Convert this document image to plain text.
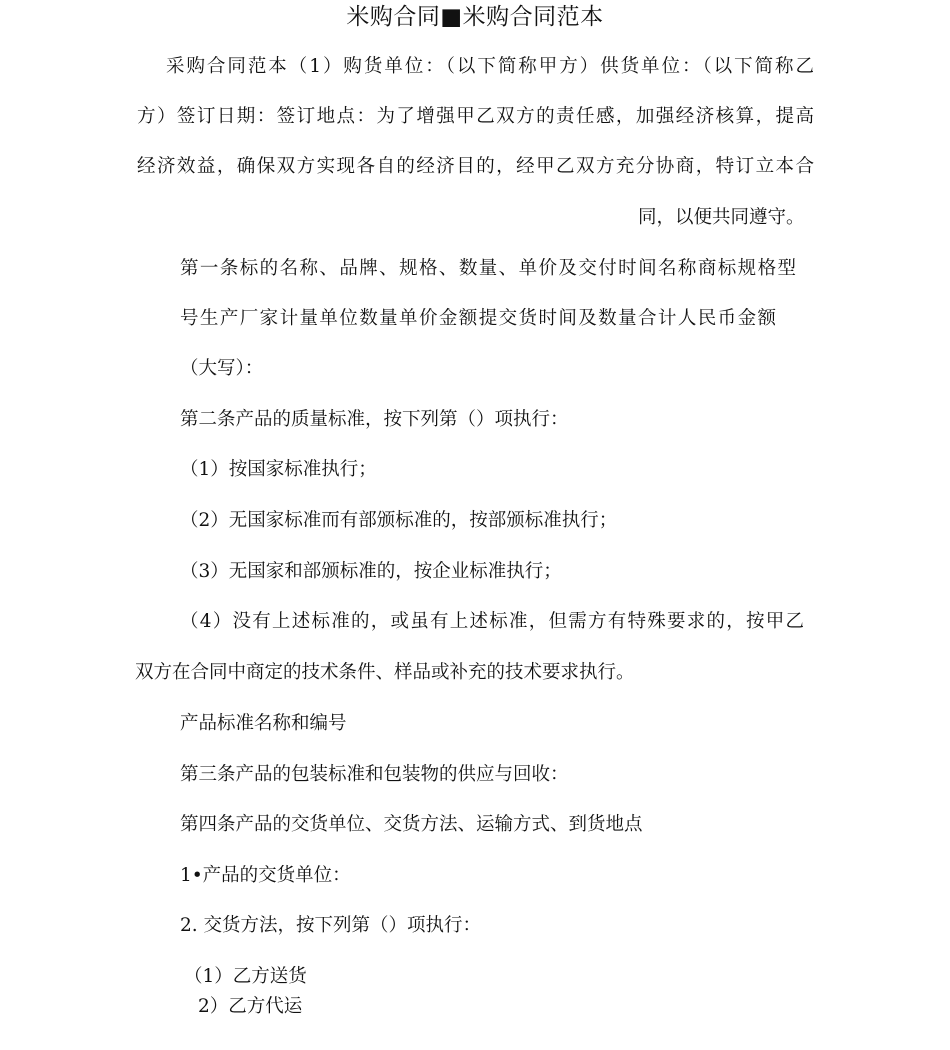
米购合同■米购合同范本
采购合同范本（1）购货单位：（以下简称甲方）供货单位：（以下简称乙
方）签订日期：签订地点：为了增强甲乙双方的责任感，加强经济核算，提高
经济效益，确保双方实现各自的经济目的，经甲乙双方充分协商，特订立本合
同，以便共同遵守。
第一条标的名称、品牌、规格、数量、单价及交付时间名称商标规格型
号生产厂家计量单位数量单价金额提交货时间及数量合计人民币金额
（大写）：
第二条产品的质量标准，按下列第（）项执行：
（1）按国家标准执行；
（2）无国家标准而有部颁标准的，按部颁标准执行；
（3）无国家和部颁标准的，按企业标准执行；
（4）没有上述标准的，或虽有上述标准，但需方有特殊要求的，按甲乙
双方在合同中商定的技术条件、样品或补充的技术要求执行。
产品标准名称和编号
第三条产品的包装标准和包装物的供应与回收：
第四条产品的交货单位、交货方法、运输方式、到货地点
1•产品的交货单位：
2. 交货方法，按下列第（）项执行：
（1）乙方送货
2）乙方代运
